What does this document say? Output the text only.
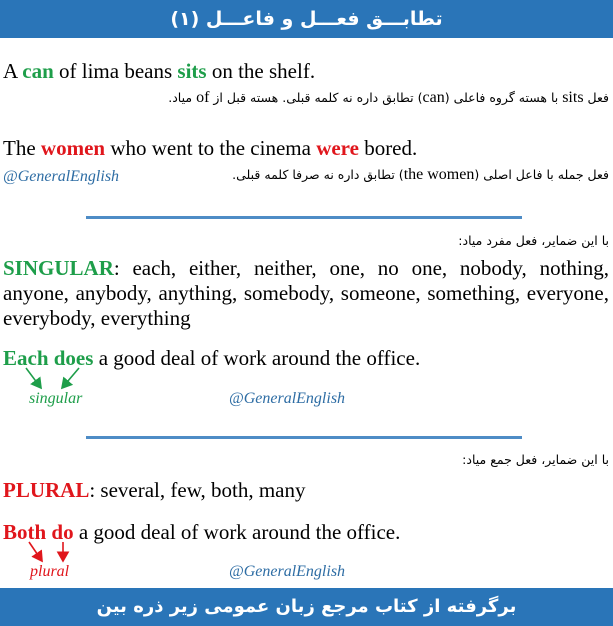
تطابـــق فعـــل و فاعـــل (۱)
A can of lima beans sits on the shelf.
فعل sits با هسته گروه فاعلی (can) تطابق داره نه کلمه قبلی. هسته قبل از of میاد.
The women who went to the cinema were bored.
فعل جمله با فاعل اصلی (the women) تطابق داره نه صرفا کلمه قبلی.
@GeneralEnglish
با این ضمایر، فعل مفرد میاد:
SINGULAR: each, either, neither, one, no one, nobody, nothing, anyone, anybody, anything, somebody, someone, something, everyone, everybody, everything
Each does a good deal of work around the office.
singular	@GeneralEnglish
با این ضمایر، فعل جمع میاد:
PLURAL: several, few, both, many
Both do a good deal of work around the office.
plural	@GeneralEnglish
برگرفته از کتاب مرجع زبان عمومی زیر ذره بین
